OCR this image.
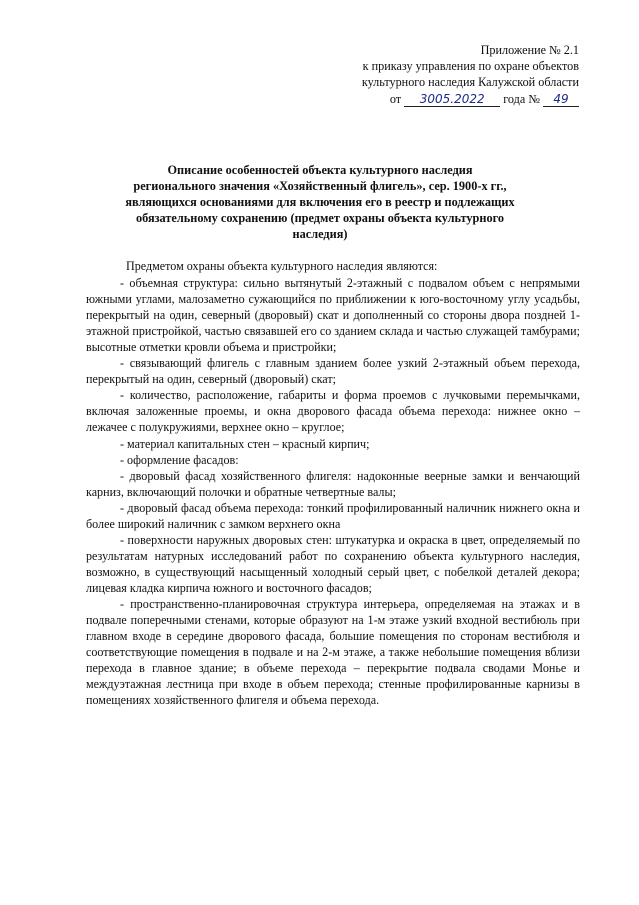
Приложение № 2.1
к приказу управления по охране объектов
культурного наследия Калужской области
от 3005.2022 года № 49
Описание особенностей объекта культурного наследия
регионального значения «Хозяйственный флигель», сер. 1900-х гг.,
являющихся основаниями для включения его в реестр и подлежащих
обязательному сохранению (предмет охраны объекта культурного
наследия)
Предметом охраны объекта культурного наследия являются:

- объемная структура: сильно вытянутый 2-этажный с подвалом объем с непрямыми южными углами, малозаметно сужающийся по приближении к юго-восточному углу усадьбы, перекрытый на один, северный (дворовый) скат и дополненный со стороны двора поздней 1-этажной пристройкой, частью связавшей его со зданием склада и частью служащей тамбурами; высотные отметки кровли объема и пристройки;

- связывающий флигель с главным зданием более узкий 2-этажный объем перехода, перекрытый на один, северный (дворовый) скат;

- количество, расположение, габариты и форма проемов с лучковыми перемычками, включая заложенные проемы, и окна дворового фасада объема перехода: нижнее окно – лежачее с полукружиями, верхнее окно – круглое;

- материал капитальных стен – красный кирпич;

- оформление фасадов:

- дворовый фасад хозяйственного флигеля: надоконные веерные замки и венчающий карниз, включающий полочки и обратные четвертные валы;

- дворовый фасад объема перехода: тонкий профилированный наличник нижнего окна и более широкий наличник с замком верхнего окна

- поверхности наружных дворовых стен: штукатурка и окраска в цвет, определяемый по результатам натурных исследований работ по сохранению объекта культурного наследия, возможно, в существующий насыщенный холодный серый цвет, с побелкой деталей декора; лицевая кладка кирпича южного и восточного фасадов;

- пространственно-планировочная структура интерьера, определяемая на этажах и в подвале поперечными стенами, которые образуют на 1-м этаже узкий входной вестибюль при главном входе в середине дворового фасада, большие помещения по сторонам вестибюля и соответствующие помещения в подвале и на 2-м этаже, а также небольшие помещения вблизи перехода в главное здание; в объеме перехода – перекрытие подвала сводами Монье и междуэтажная лестница при входе в объем перехода; стенные профилированные карнизы в помещениях хозяйственного флигеля и объема перехода.
